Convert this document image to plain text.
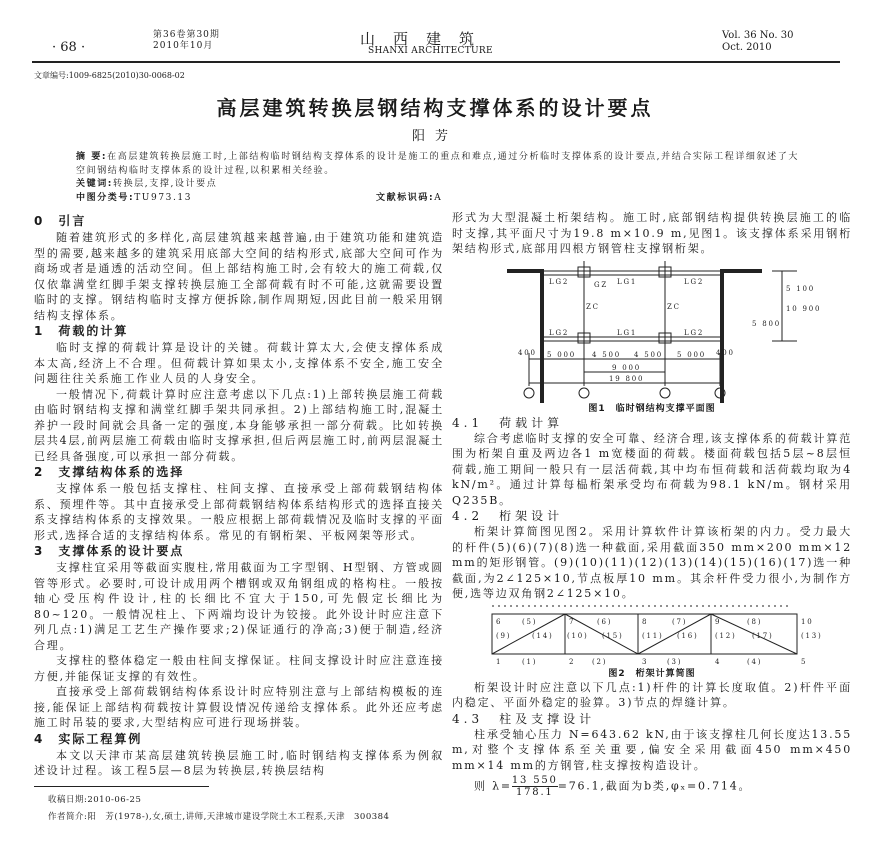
· 68 ·
第36卷第30期
2010年10月	山西建筑
SHANXI ARCHITECTURE
Vol. 36 No. 30
Oct. 2010
文章编号:1009-6825(2010)30-0068-02
高层建筑转换层钢结构支撑体系的设计要点
阳芳
摘 要:在高层建筑转换层施工时,上部结构临时钢结构支撑体系的设计是施工的重点和难点,通过分析临时支撑体系的设计要点,并结合实际工程详细叙述了大空间钢结构临时支撑体系的设计过程,以积累相关经验。
关键词:转换层,支撑,设计要点
中图分类号:TU973.13	文献标识码:A
0　引言

随着建筑形式的多样化,高层建筑越来越普遍,由于建筑功能和建筑造型的需要,越来越多的建筑采用底部大空间的结构形式,底部大空间可作为商场或者是通透的活动空间。但上部结构施工时,会有较大的施工荷载,仅仅依靠满堂红脚手架支撑转换层施工全部荷载有时不可能,这就需要设置临时的支撑。钢结构临时支撑方便拆除,制作周期短,因此目前一般采用钢结构支撑体系。

1　荷载的计算

临时支撑的荷载计算是设计的关键。荷载计算太大,会使支撑体系成本太高,经济上不合理。但荷载计算如果太小,支撑体系不安全,施工安全问题往往关系施工作业人员的人身安全。

一般情况下,荷载计算时应注意考虑以下几点:1)上部转换层施工荷载由临时钢结构支撑和满堂红脚手架共同承担。2)上部结构施工时,混凝土养护一段时间就会具备一定的强度,本身能够承担一部分荷载。比如转换层共4层,前两层施工荷载由临时支撑承担,但后两层施工时,前两层混凝土已经具备强度,可以承担一部分荷载。

2　支撑结构体系的选择

支撑体系一般包括支撑柱、柱间支撑、直接承受上部荷载钢结构体系、预埋件等。其中直接承受上部荷载钢结构体系结构形式的选择直接关系支撑结构体系的支撑效果。一般应根据上部荷载情况及临时支撑的平面形式,选择合适的支撑结构体系。常见的有钢桁架、平板网架等形式。

3　支撑体系的设计要点

支撑柱宜采用等截面实腹柱,常用截面为工字型钢、H型钢、方管或圆管等形式。必要时,可设计成用两个槽钢或双角钢组成的格构柱。一般按轴心受压构件设计,柱的长细比不宜大于150,可先假定长细比为80~120。一般情况柱上、下两端均设计为铰接。此外设计时应注意下列几点:1)满足工艺生产操作要求;2)保证通行的净高;3)便于制造,经济合理。

支撑柱的整体稳定一般由柱间支撑保证。柱间支撑设计时应注意连接方便,并能保证支撑的有效性。

直接承受上部荷载钢结构体系设计时应特别注意与上部结构模板的连接,能保证上部结构荷载按计算假设情况传递给支撑体系。此外还应考虑施工时吊装的要求,大型结构应可进行现场拼装。

4　实际工程算例

本文以天津市某高层建筑转换层施工时,临时钢结构支撑体系为例叙述设计过程。该工程5层—8层为转换层,转换层结构

形式为大型混凝土桁架结构。施工时,底部钢结构提供转换层施工的临时支撑,其平面尺寸为19.8 m×10.9 m,见图1。该支撑体系采用钢桁架结构形式,底部用四根方钢管柱支撑钢桁架。
LG2	LG1	LG2
GZ
ZC	ZC
LG2	LG1	LG2
400 5 000 4 500 4 500 5 000 400
9 000
19 800
5 100
5 800
10 900
图1　临时钢结构支撑平面图
4.1　荷载计算

综合考虑临时支撑的安全可靠、经济合理,该支撑体系的荷载计算范围为桁架自重及两边各1 m宽楼面的荷载。楼面荷载包括5层~8层恒荷载,施工期间一般只有一层活荷载,其中均布恒荷载和活荷载均取为4 kN/m²。通过计算每榀桁架承受均布荷载为98.1 kN/m。钢材采用Q235B。

4.2　桁架设计

桁架计算简图见图2。采用计算软件计算该桁架的内力。受力最大的杆件(5)(6)(7)(8)选一种截面,采用截面350 mm×200 mm×12 mm的矩形钢管。(9)(10)(11)(12)(13)(14)(15)(16)(17)选一种截面,为2∠125×10,节点板厚10 mm。其余杆件受力很小,为制作方便,选等边双角钢2∠125×10。

1	2	3	4	5
6	7	8	9	10
(1)	(2)	(3)	(4)
(5)	(6)	(7)	(8)
(9)	(10)	(11)	(12)	(13)
(14)	(15)	(16)	(17)
图2　桁架计算简图

桁架设计时应注意以下几点:1)杆件的计算长度取值。2)杆件平面内稳定、平面外稳定的验算。3)节点的焊缝计算。

4.3　柱及支撑设计

柱承受轴心压力 N=643.62 kN,由于该支撑柱几何长度达13.55 m,对整个支撑体系至关重要,偏安全采用截面450 mm×450 mm×14 mm的方钢管,柱支撑按构造设计。

则 $\lambda= \frac{13 550}{178.1} =76.1$,截面为b类,φₓ=0.714。

收稿日期:2010-06-25
作者简介:阳　芳(1978-),女,硕士,讲师,天津城市建设学院土木工程系,天津　300384
